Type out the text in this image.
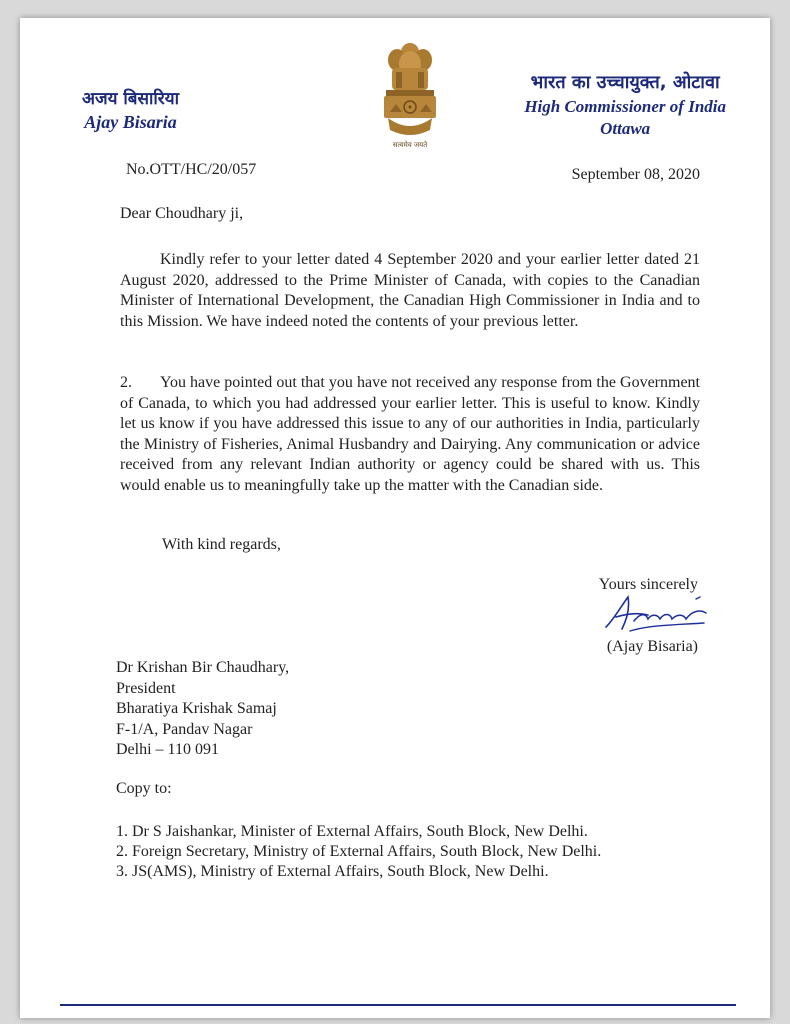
अजय बिसारिया
Ajay Bisaria
सत्यमेव जयते
भारत का उच्चायुक्त, ओटावा
High Commissioner of India
Ottawa
No.OTT/HC/20/057	September 08, 2020
Dear Choudhary ji,

Kindly refer to your letter dated 4 September 2020 and your earlier letter dated 21 August 2020, addressed to the Prime Minister of Canada, with copies to the Canadian Minister of International Development, the Canadian High Commissioner in India and to this Mission. We have indeed noted the contents of your previous letter.

2. You have pointed out that you have not received any response from the Government of Canada, to which you had addressed your earlier letter. This is useful to know. Kindly let us know if you have addressed this issue to any of our authorities in India, particularly the Ministry of Fisheries, Animal Husbandry and Dairying. Any communication or advice received from any relevant Indian authority or agency could be shared with us. This would enable us to meaningfully take up the matter with the Canadian side.

With kind regards,
Yours sincerely
(Ajay Bisaria)
Dr Krishan Bir Chaudhary,
President
Bharatiya Krishak Samaj
F-1/A, Pandav Nagar
Delhi – 110 091
Copy to:
1. Dr S Jaishankar, Minister of External Affairs, South Block, New Delhi.
2. Foreign Secretary, Ministry of External Affairs, South Block, New Delhi.
3. JS(AMS), Ministry of External Affairs, South Block, New Delhi.
